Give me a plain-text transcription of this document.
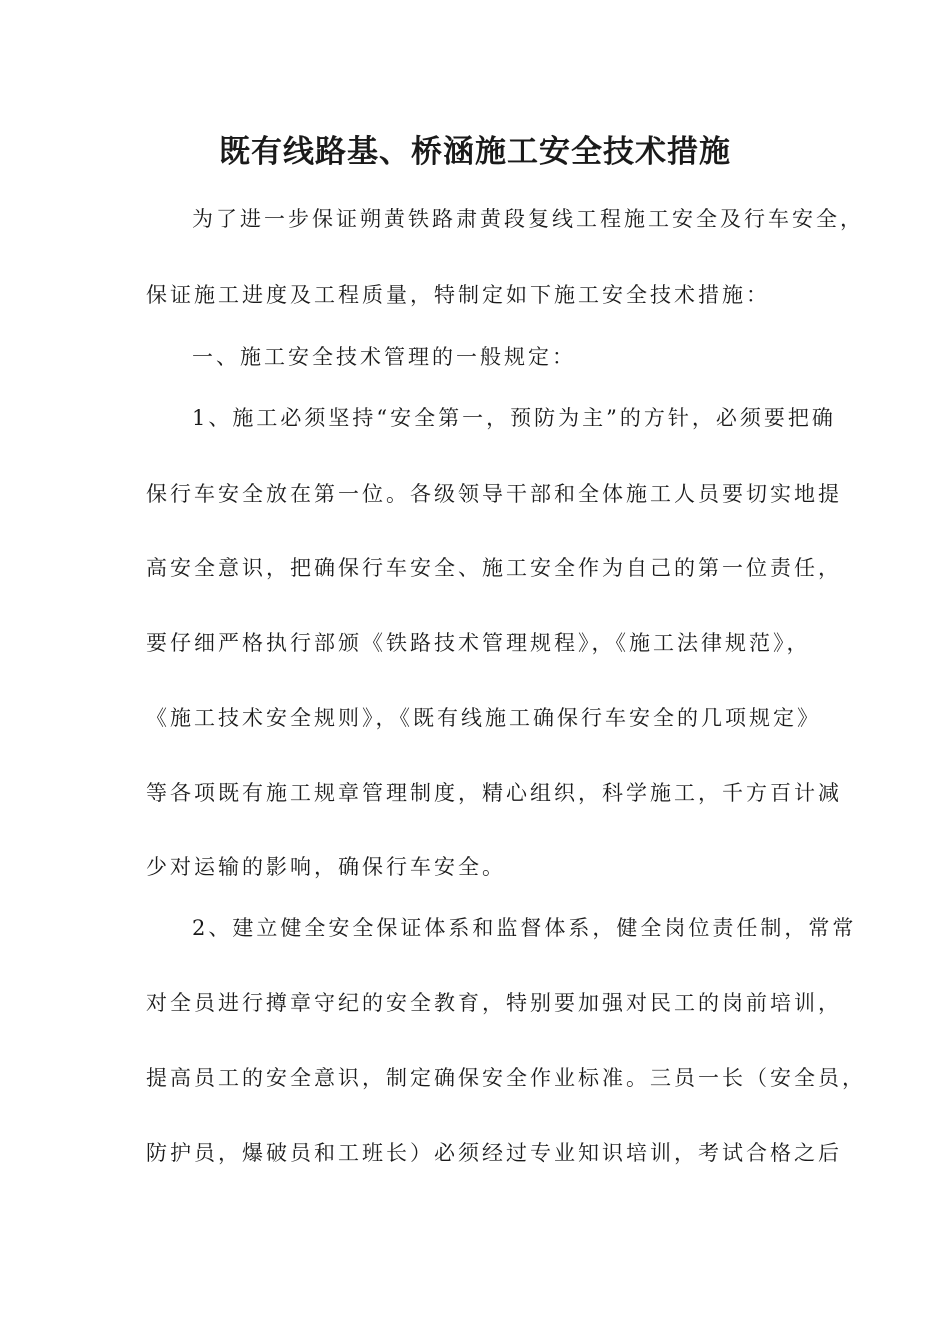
既有线路基、桥涵施工安全技术措施
为了进一步保证朔黄铁路肃黄段复线工程施工安全及行车安全，
保证施工进度及工程质量，特制定如下施工安全技术措施：
一、施工安全技术管理的一般规定：
1、施工必须坚持“安全第一，预防为主”的方针，必须要把确
保行车安全放在第一位。各级领导干部和全体施工人员要切实地提
高安全意识，把确保行车安全、施工安全作为自己的第一位责任，
要仔细严格执行部颁《铁路技术管理规程》，《施工法律规范》，
《施工技术安全规则》，《既有线施工确保行车安全的几项规定》
等各项既有施工规章管理制度，精心组织，科学施工，千方百计减
少对运输的影响，确保行车安全。
2、建立健全安全保证体系和监督体系，健全岗位责任制，常常
对全员进行撙章守纪的安全教育，特别要加强对民工的岗前培训，
提高员工的安全意识，制定确保安全作业标准。三员一长（安全员，
防护员，爆破员和工班长）必须经过专业知识培训，考试合格之后
